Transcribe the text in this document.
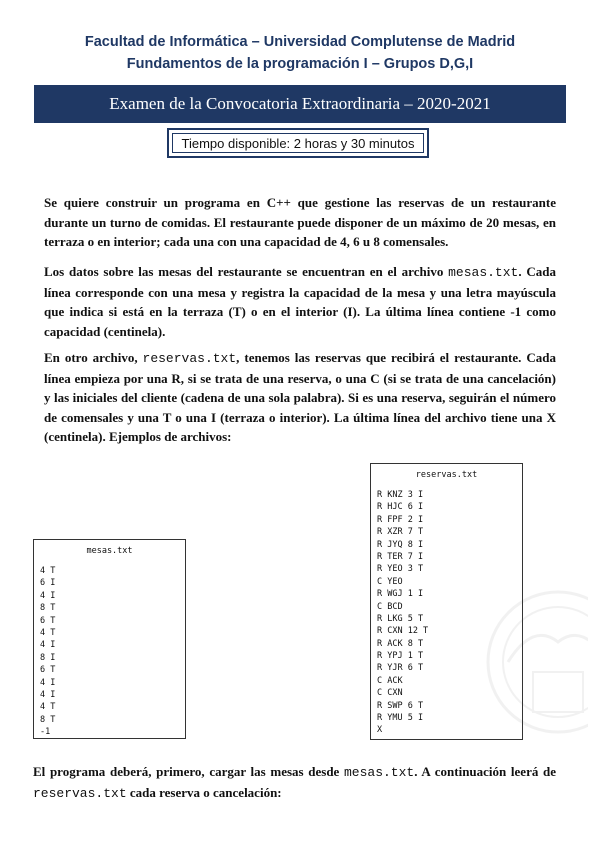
Facultad de Informática – Universidad Complutense de Madrid
Fundamentos de la programación I – Grupos D,G,I
Examen de la Convocatoria Extraordinaria – 2020-2021
Tiempo disponible: 2 horas y 30 minutos

Se quiere construir un programa en C++ que gestione las reservas de un restaurante durante un turno de comidas. El restaurante puede disponer de un máximo de 20 mesas, en terraza o en interior; cada una con una capacidad de 4, 6 u 8 comensales.

Los datos sobre las mesas del restaurante se encuentran en el archivo mesas.txt. Cada línea corresponde con una mesa y registra la capacidad de la mesa y una letra mayúscula que indica si está en la terraza (T) o en el interior (I). La última línea contiene -1 como capacidad (centinela).

En otro archivo, reservas.txt, tenemos las reservas que recibirá el restaurante. Cada línea empieza por una R, si se trata de una reserva, o una C (si se trata de una cancelación) y las iniciales del cliente (cadena de una sola palabra). Si es una reserva, seguirán el número de comensales y una T o una I (terraza o interior). La última línea del archivo tiene una X (centinela). Ejemplos de archivos:

mesas.txt
4 T
6 I
4 I
8 T
6 T
4 T
4 I
8 I
6 T
4 I
4 I
4 T
8 T
-1
reservas.txt
R KNZ 3 I
R HJC 6 I
R FPF 2 I
R XZR 7 T
R JYQ 8 I
R TER 7 I
R YEO 3 T
C YEO
R WGJ 1 I
C BCD
R LKG 5 T
R CXN 12 T
R ACK 8 T
R YPJ 1 T
R YJR 6 T
C ACK
C CXN
R SWP 6 T
R YMU 5 I
X

El programa deberá, primero, cargar las mesas desde mesas.txt. A continuación leerá de reservas.txt cada reserva o cancelación:
